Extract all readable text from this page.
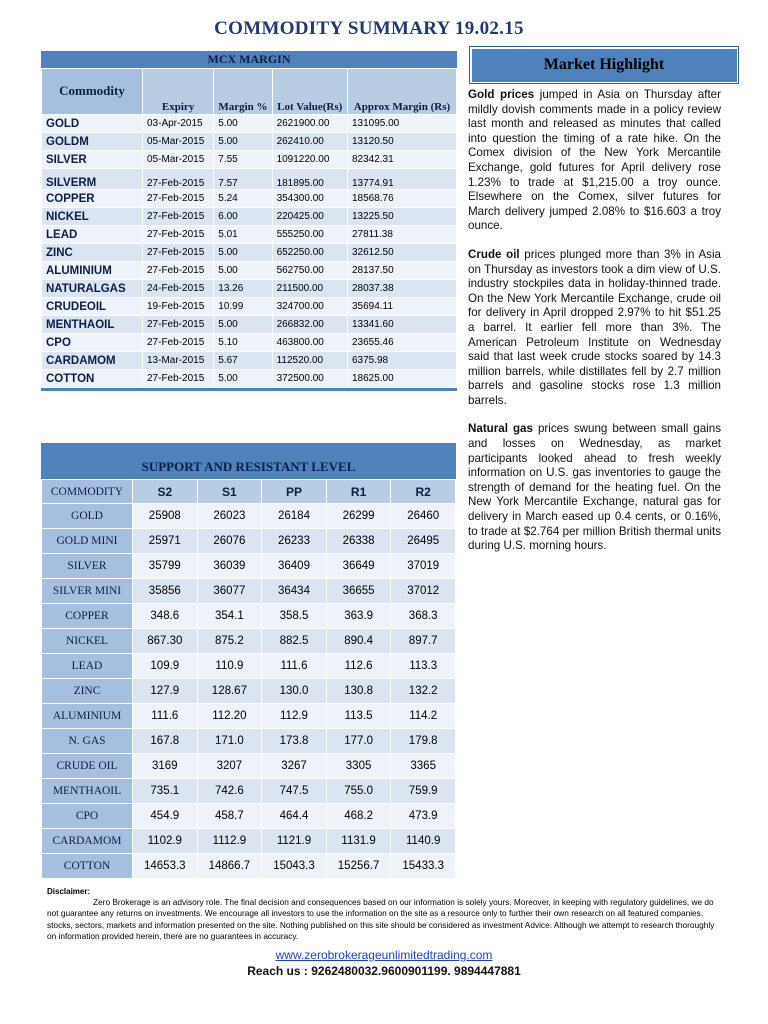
COMMODITY SUMMARY 19.02.15
MCX MARGIN
Commodity	Expiry	Margin %	Lot Value(Rs)	Approx Margin (Rs)
GOLD	03-Apr-2015	5.00	2621900.00	131095.00
GOLDM	05-Mar-2015	5.00	262410.00	13120.50
SILVER	05-Mar-2015	7.55	1091220.00	82342.31
SILVERM	27-Feb-2015	7.57	181895.00	13774.91
COPPER	27-Feb-2015	5.24	354300.00	18568.76
NICKEL	27-Feb-2015	6.00	220425.00	13225.50
LEAD	27-Feb-2015	5.01	555250.00	27811.38
ZINC	27-Feb-2015	5.00	652250.00	32612.50
ALUMINIUM	27-Feb-2015	5.00	562750.00	28137.50
NATURALGAS	24-Feb-2015	13.26	211500.00	28037.38
CRUDEOIL	19-Feb-2015	10.99	324700.00	35694.11
MENTHAOIL	27-Feb-2015	5.00	266832.00	13341.60
CPO	27-Feb-2015	5.10	463800.00	23655.46
CARDAMOM	13-Mar-2015	5.67	112520.00	6375.98
COTTON	27-Feb-2015	5.00	372500.00	18625.00
SUPPORT AND RESISTANT LEVEL
COMMODITY	S2	S1	PP	R1	R2
GOLD	25908	26023	26184	26299	26460
GOLD MINI	25971	26076	26233	26338	26495
SILVER	35799	36039	36409	36649	37019
SILVER MINI	35856	36077	36434	36655	37012
COPPER	348.6	354.1	358.5	363.9	368.3
NICKEL	867.30	875.2	882.5	890.4	897.7
LEAD	109.9	110.9	111.6	112.6	113.3
ZINC	127.9	128.67	130.0	130.8	132.2
ALUMINIUM	111.6	112.20	112.9	113.5	114.2
N. GAS	167.8	171.0	173.8	177.0	179.8
CRUDE OIL	3169	3207	3267	3305	3365
MENTHAOIL	735.1	742.6	747.5	755.0	759.9
CPO	454.9	458.7	464.4	468.2	473.9
CARDAMOM	1102.9	1112.9	1121.9	1131.9	1140.9
COTTON	14653.3	14866.7	15043.3	15256.7	15433.3
Market Highlight

Gold prices jumped in Asia on Thursday after mildly dovish comments made in a policy review last month and released as minutes that called into question the timing of a rate hike. On the Comex division of the New York Mercantile Exchange, gold futures for April delivery rose 1.23% to trade at $1,215.00 a troy ounce. Elsewhere on the Comex, silver futures for March delivery jumped 2.08% to $16.603 a troy ounce.

Crude oil prices plunged more than 3% in Asia on Thursday as investors took a dim view of U.S. industry stockpiles data in holiday-thinned trade. On the New York Mercantile Exchange, crude oil for delivery in April dropped 2.97% to hit $51.25 a barrel. It earlier fell more than 3%. The American Petroleum Institute on Wednesday said that last week crude stocks soared by 14.3 million barrels, while distillates fell by 2.7 million barrels and gasoline stocks rose 1.3 million barrels.

Natural gas prices swung between small gains and losses on Wednesday, as market participants looked ahead to fresh weekly information on U.S. gas inventories to gauge the strength of demand for the heating fuel. On the New York Mercantile Exchange, natural gas for delivery in March eased up 0.4 cents, or 0.16%, to trade at $2.764 per million British thermal units during U.S. morning hours.

Disclaimer:
Zero Brokerage is an advisory role. The final decision and consequences based on our information is solely yours. Moreover, in keeping with regulatory guidelines, we do not guarantee any returns on investments. We encourage all investors to use the information on the site as a resource only to further their own research on all featured companies, stocks, sectors, markets and information presented on the site. Nothing published on this site should be considered as investment Advice. Although we attempt to research thoroughly on information provided herein, there are no guarantees in accuracy.
www.zerobrokerageunlimitedtrading.com
Reach us : 9262480032.9600901199. 9894447881
